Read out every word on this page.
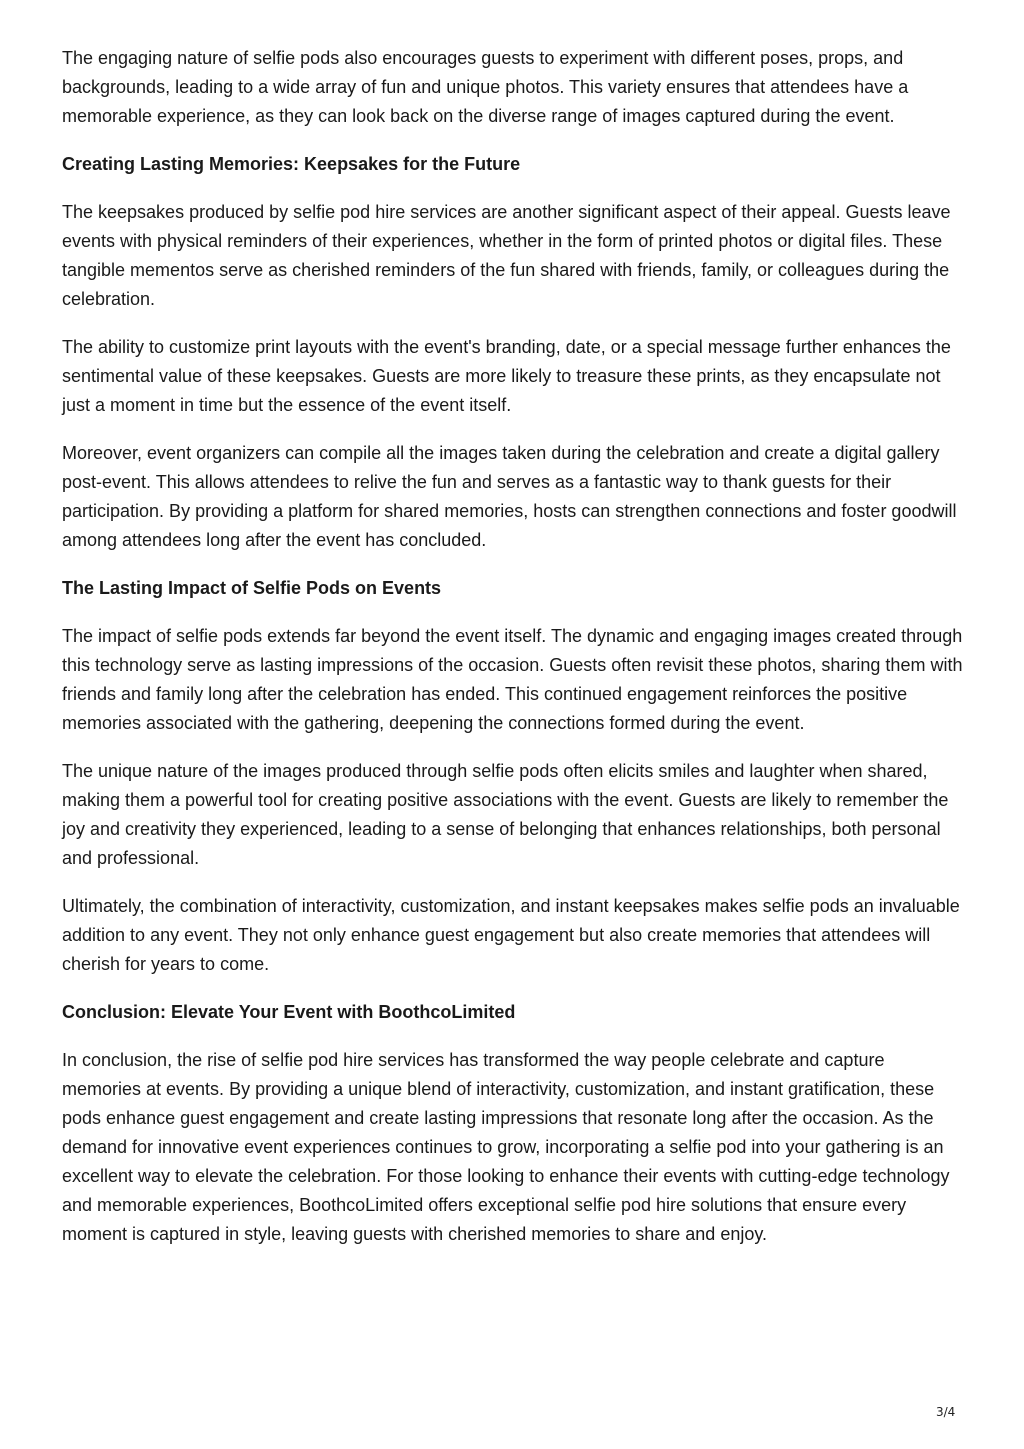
The engaging nature of selfie pods also encourages guests to experiment with different poses, props, and backgrounds, leading to a wide array of fun and unique photos. This variety ensures that attendees have a memorable experience, as they can look back on the diverse range of images captured during the event.

Creating Lasting Memories: Keepsakes for the Future

The keepsakes produced by selfie pod hire services are another significant aspect of their appeal. Guests leave events with physical reminders of their experiences, whether in the form of printed photos or digital files. These tangible mementos serve as cherished reminders of the fun shared with friends, family, or colleagues during the celebration.

The ability to customize print layouts with the event's branding, date, or a special message further enhances the sentimental value of these keepsakes. Guests are more likely to treasure these prints, as they encapsulate not just a moment in time but the essence of the event itself.

Moreover, event organizers can compile all the images taken during the celebration and create a digital gallery post-event. This allows attendees to relive the fun and serves as a fantastic way to thank guests for their participation. By providing a platform for shared memories, hosts can strengthen connections and foster goodwill among attendees long after the event has concluded.

The Lasting Impact of Selfie Pods on Events

The impact of selfie pods extends far beyond the event itself. The dynamic and engaging images created through this technology serve as lasting impressions of the occasion. Guests often revisit these photos, sharing them with friends and family long after the celebration has ended. This continued engagement reinforces the positive memories associated with the gathering, deepening the connections formed during the event.

The unique nature of the images produced through selfie pods often elicits smiles and laughter when shared, making them a powerful tool for creating positive associations with the event. Guests are likely to remember the joy and creativity they experienced, leading to a sense of belonging that enhances relationships, both personal and professional.

Ultimately, the combination of interactivity, customization, and instant keepsakes makes selfie pods an invaluable addition to any event. They not only enhance guest engagement but also create memories that attendees will cherish for years to come.

Conclusion: Elevate Your Event with BoothcoLimited

In conclusion, the rise of selfie pod hire services has transformed the way people celebrate and capture memories at events. By providing a unique blend of interactivity, customization, and instant gratification, these pods enhance guest engagement and create lasting impressions that resonate long after the occasion. As the demand for innovative event experiences continues to grow, incorporating a selfie pod into your gathering is an excellent way to elevate the celebration. For those looking to enhance their events with cutting-edge technology and memorable experiences, BoothcoLimited offers exceptional selfie pod hire solutions that ensure every moment is captured in style, leaving guests with cherished memories to share and enjoy.

3/4
